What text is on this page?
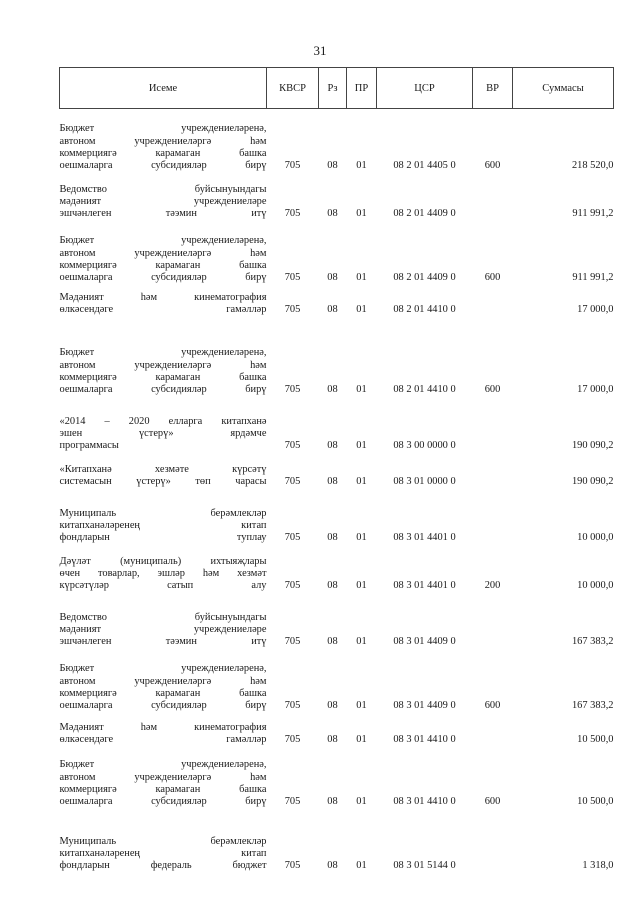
31
Исеме	КВСР	Рз	ПР	ЦСР	ВР	Суммасы

Бюджет учреждениеләренә,
автоном учреждениеләргә һәм
коммерциягә карамаган башка
оешмаларга субсидияләр бирү	705	08	01	08 2 01 4405 0	600	218 520,0

Ведомство буйсынуындагы
мәдәният учреждениеләре
эшчәнлеген тәэмин итү	705	08	01	08 2 01 4409 0		911 991,2

Бюджет учреждениеләренә,
автоном учреждениеләргә һәм
коммерциягә карамаган башка
оешмаларга субсидияләр бирү	705	08	01	08 2 01 4409 0	600	911 991,2

Мәдәният һәм кинематография
өлкәсендәге гамәлләр	705	08	01	08 2 01 4410 0		17 000,0

Бюджет учреждениеләренә,
автоном учреждениеләргә һәм
коммерциягә карамаган башка
оешмаларга субсидияләр бирү	705	08	01	08 2 01 4410 0	600	17 000,0

«2014 – 2020 елларга китапханә
эшен үстерү» ярдәмче
программасы	705	08	01	08 3 00 0000 0		190 090,2

«Китапханә хезмәте күрсәтү
системасын үстерү» төп чарасы	705	08	01	08 3 01 0000 0		190 090,2

Муниципаль берәмлекләр
китапханәләренең китап
фондларын туплау	705	08	01	08 3 01 4401 0		10 000,0

Дәүләт (муниципаль) ихтыяҗлары
өчен товарлар, эшләр һәм хезмәт
күрсәтүләр сатып алу	705	08	01	08 3 01 4401 0	200	10 000,0

Ведомство буйсынуындагы
мәдәният учреждениеләре
эшчәнлеген тәэмин итү	705	08	01	08 3 01 4409 0		167 383,2

Бюджет учреждениеләренә,
автоном учреждениеләргә һәм
коммерциягә карамаган башка
оешмаларга субсидияләр бирү	705	08	01	08 3 01 4409 0	600	167 383,2

Мәдәният һәм кинематография
өлкәсендәге гамәлләр	705	08	01	08 3 01 4410 0		10 500,0

Бюджет учреждениеләренә,
автоном учреждениеләргә һәм
коммерциягә карамаган башка
оешмаларга субсидияләр бирү	705	08	01	08 3 01 4410 0	600	10 500,0

Муниципаль берәмлекләр
китапханәләренең китап
фондларын федераль бюджет	705	08	01	08 3 01 5144 0		1 318,0
